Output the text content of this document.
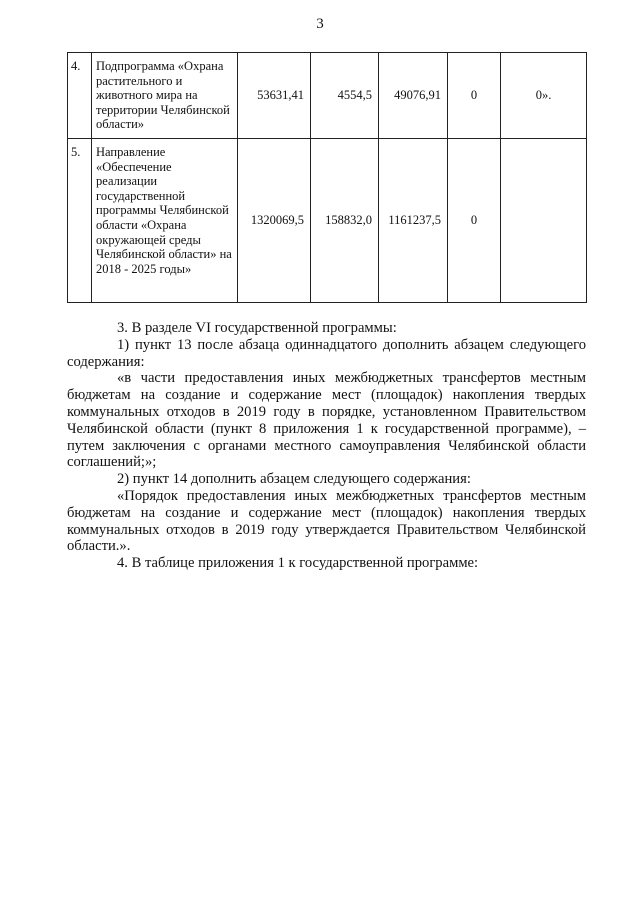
3
4.	Подпрограмма «Охрана растительного и животного мира на территории Челябинской области»	53631,41	4554,5	49076,91	0	0».
5.	Направление «Обеспечение реализации государственной программы Челябинской области «Охрана окружающей среды Челябинской области» на 2018 - 2025 годы»	1320069,5	158832,0	1161237,5	0	

3. В разделе VI государственной программы:

1) пункт 13 после абзаца одиннадцатого дополнить абзацем следующего содержания:

«в части предоставления иных межбюджетных трансфертов местным бюджетам на создание и содержание мест (площадок) накопления твердых коммунальных отходов в 2019 году в порядке, установленном Правительством Челябинской области (пункт 8 приложения 1 к государственной программе), – путем заключения с органами местного самоуправления Челябинской области соглашений;»;

2) пункт 14 дополнить абзацем следующего содержания:

«Порядок предоставления иных межбюджетных трансфертов местным бюджетам на создание и содержание мест (площадок) накопления твердых коммунальных отходов в 2019 году утверждается Правительством Челябинской области.».

4. В таблице приложения 1 к государственной программе:
